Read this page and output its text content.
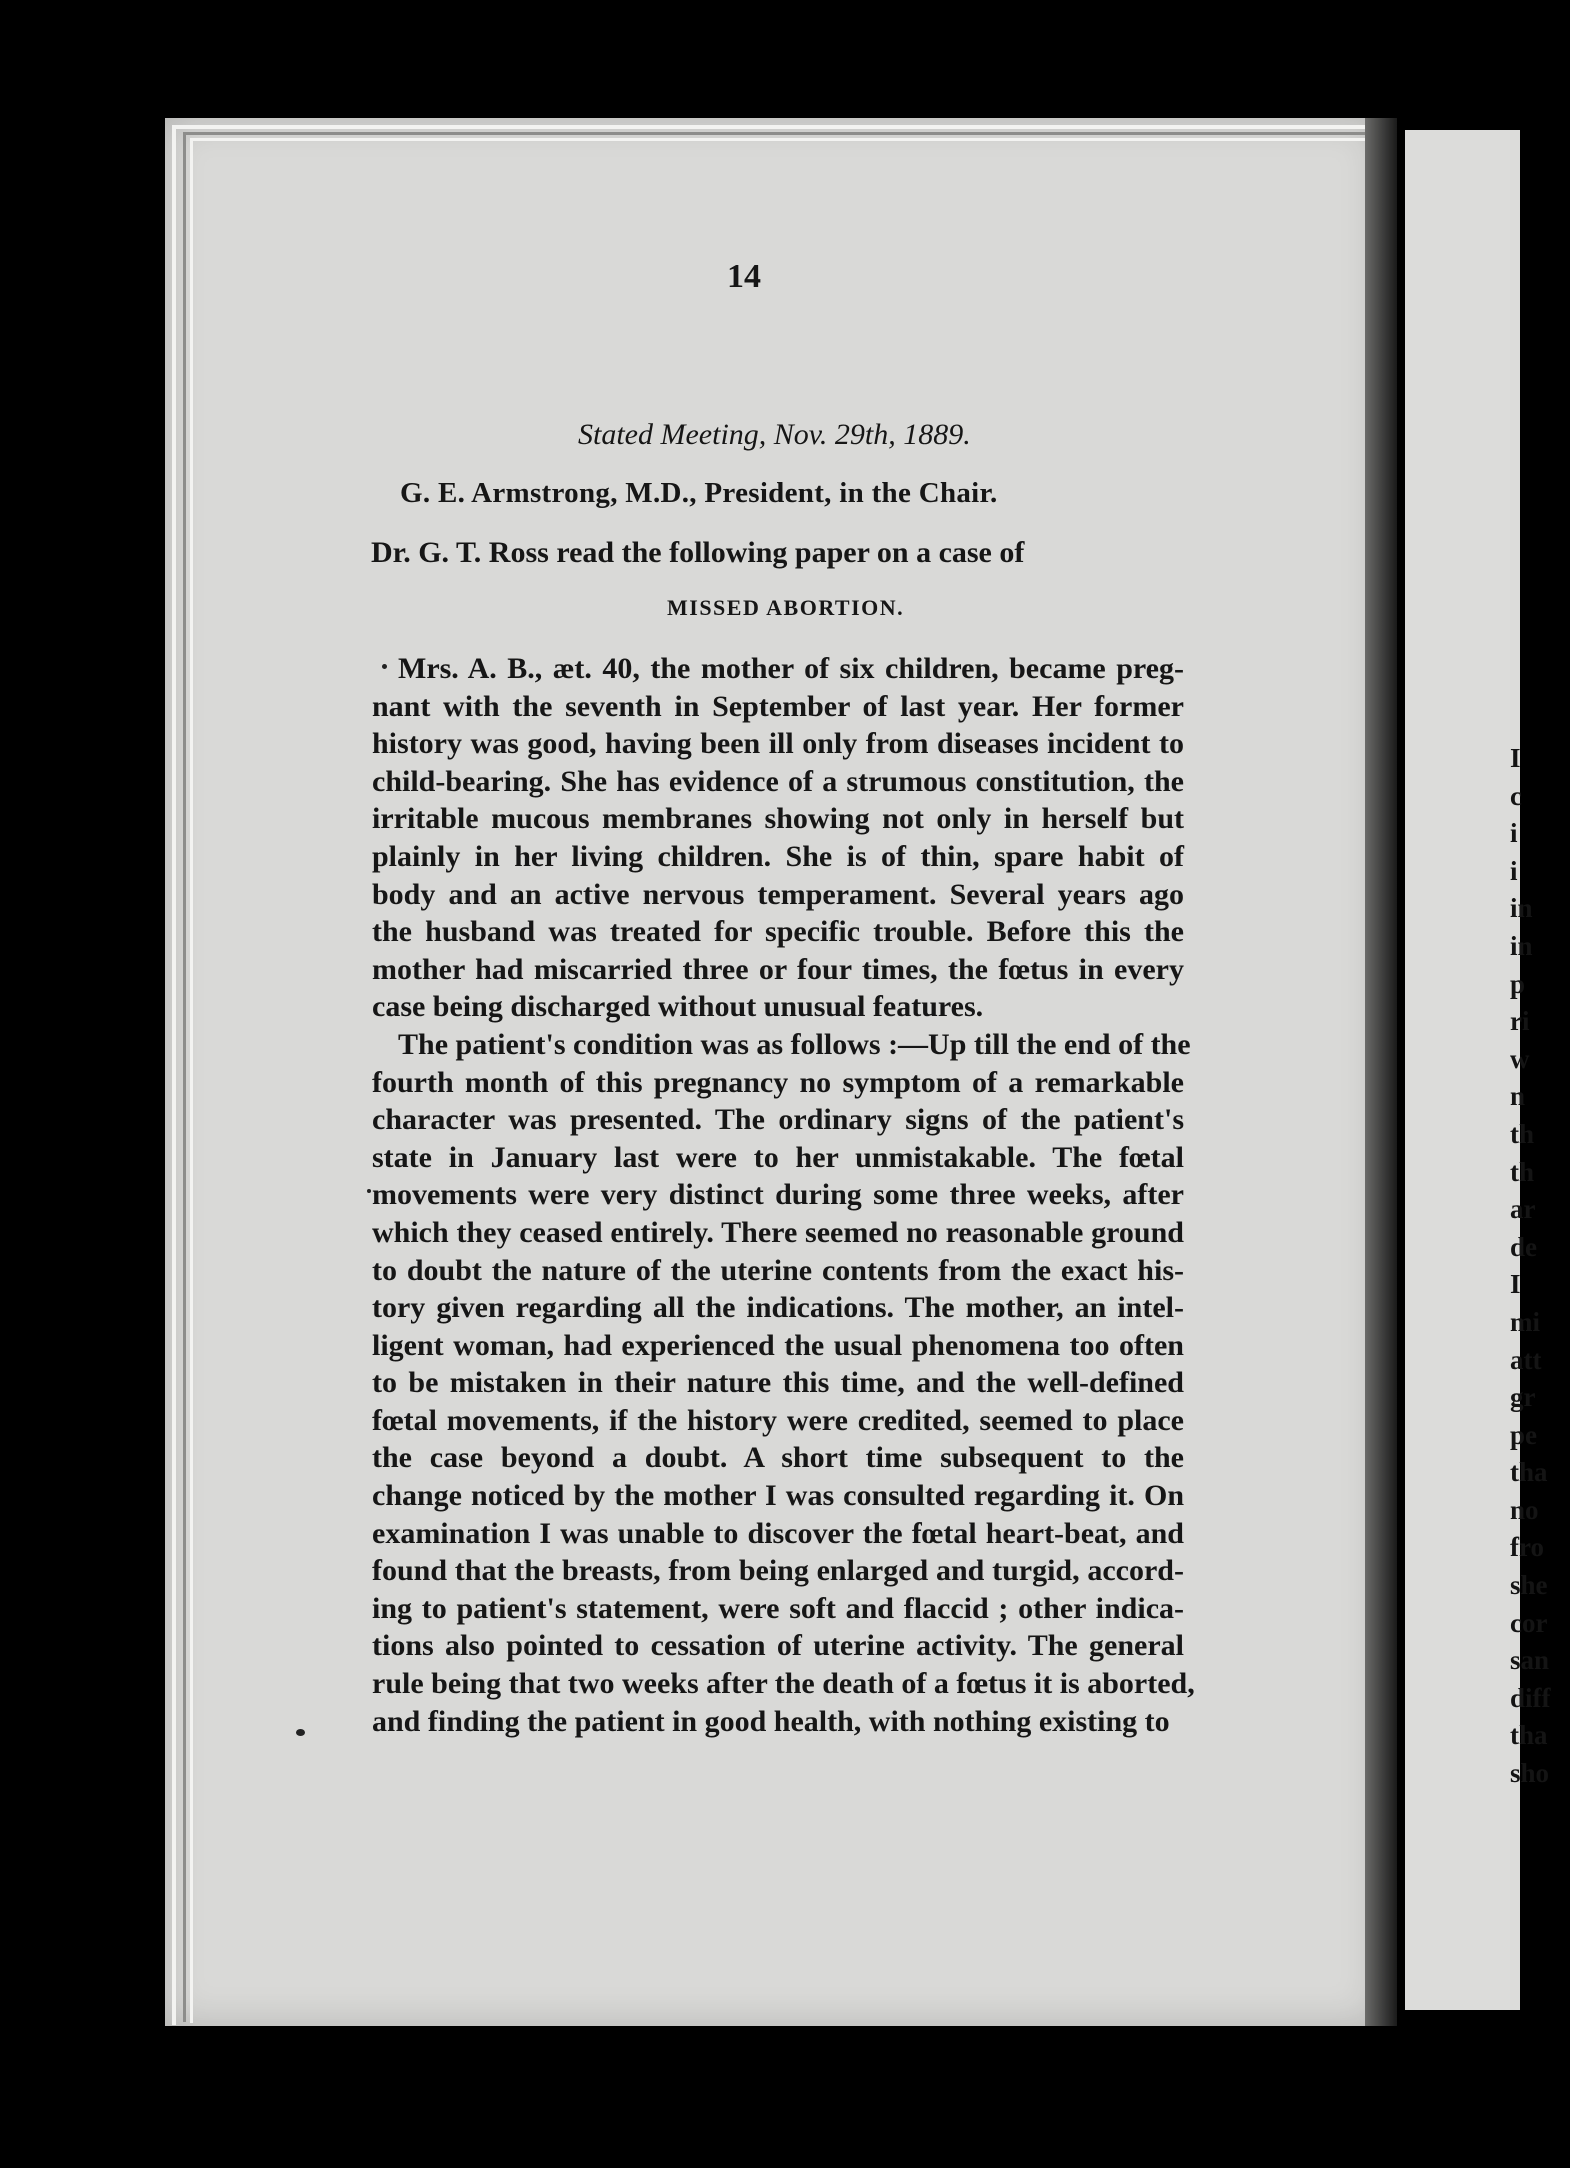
I
c
i
i
in
in
p
ri
w
n
th
th
ar
de
I
mi
att
gr
pe
tha
no
fro
she
cor
san
diff
tha
sho
14
Stated Meeting, Nov. 29th, 1889.
G. E. Armstrong, M.D., President, in the Chair.
Dr. G. T. Ross read the following paper on a case of
MISSED ABORTION.
Mrs. A. B., æt. 40, the mother of six children, became preg-
nant with the seventh in September of last year. Her former
history was good, having been ill only from diseases incident to
child-bearing. She has evidence of a strumous constitution, the
irritable mucous membranes showing not only in herself but
plainly in her living children. She is of thin, spare habit of
body and an active nervous temperament. Several years ago
the husband was treated for specific trouble. Before this the
mother had miscarried three or four times, the fœtus in every
case being discharged without unusual features.
The patient's condition was as follows :—Up till the end of the
fourth month of this pregnancy no symptom of a remarkable
character was presented. The ordinary signs of the patient's
state in January last were to her unmistakable. The fœtal
movements were very distinct during some three weeks, after
which they ceased entirely. There seemed no reasonable ground
to doubt the nature of the uterine contents from the exact his-
tory given regarding all the indications. The mother, an intel-
ligent woman, had experienced the usual phenomena too often
to be mistaken in their nature this time, and the well-defined
fœtal movements, if the history were credited, seemed to place
the case beyond a doubt. A short time subsequent to the
change noticed by the mother I was consulted regarding it. On
examination I was unable to discover the fœtal heart-beat, and
found that the breasts, from being enlarged and turgid, accord-
ing to patient's statement, were soft and flaccid ; other indica-
tions also pointed to cessation of uterine activity. The general
rule being that two weeks after the death of a fœtus it is aborted,
and finding the patient in good health, with nothing existing to
